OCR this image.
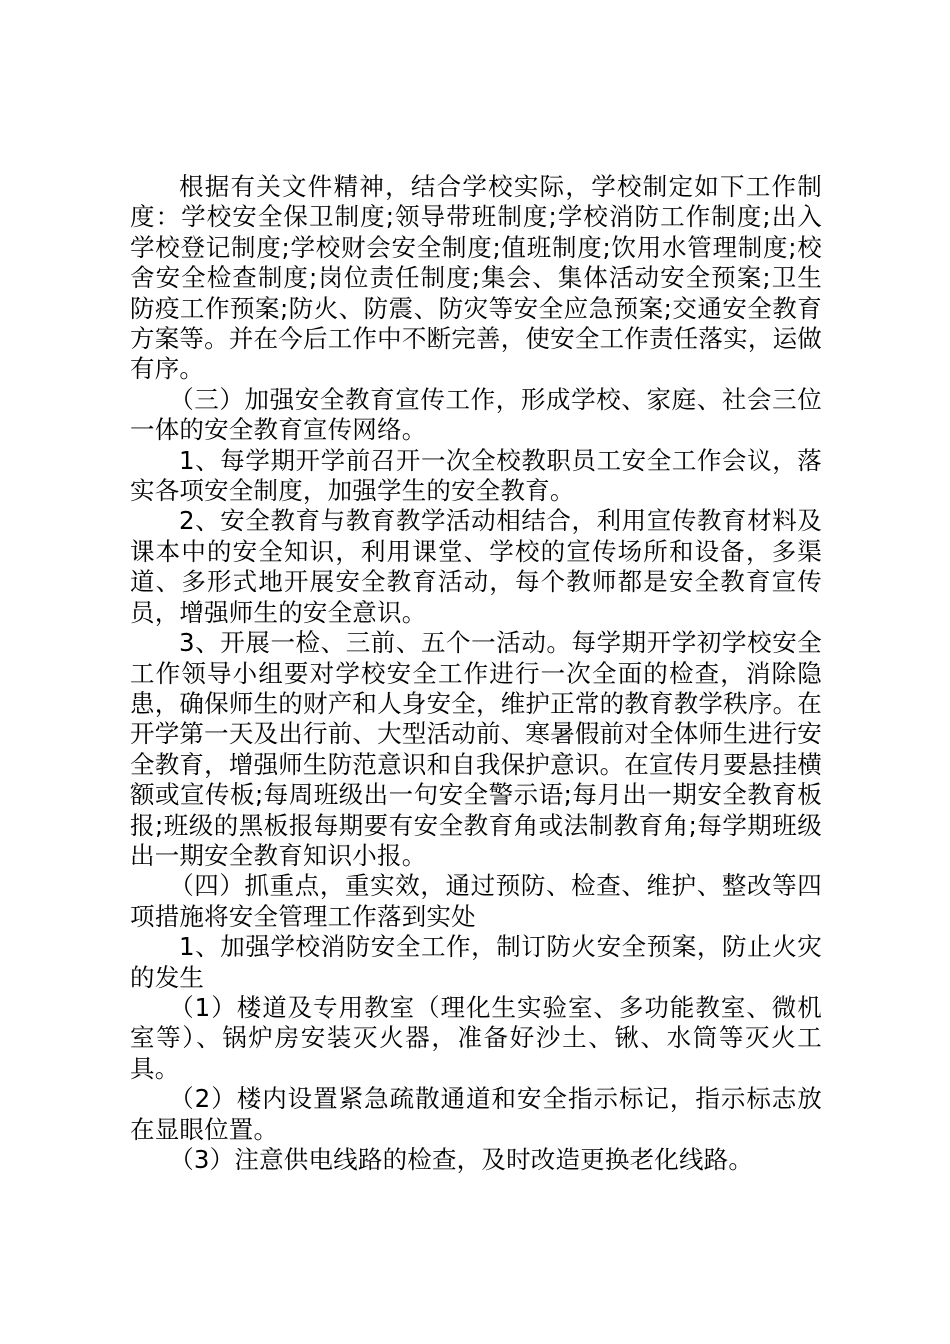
根据有关文件精神，结合学校实际，学校制定如下工作制度：学校安全保卫制度;领导带班制度;学校消防工作制度;出入学校登记制度;学校财会安全制度;值班制度;饮用水管理制度;校舍安全检查制度;岗位责任制度;集会、集体活动安全预案;卫生防疫工作预案;防火、防震、防灾等安全应急预案;交通安全教育方案等。并在今后工作中不断完善，使安全工作责任落实，运做有序。

（三）加强安全教育宣传工作，形成学校、家庭、社会三位一体的安全教育宣传网络。

1、每学期开学前召开一次全校教职员工安全工作会议，落实各项安全制度，加强学生的安全教育。

2、安全教育与教育教学活动相结合，利用宣传教育材料及课本中的安全知识，利用课堂、学校的宣传场所和设备，多渠道、多形式地开展安全教育活动，每个教师都是安全教育宣传员，增强师生的安全意识。

3、开展一检、三前、五个一活动。每学期开学初学校安全工作领导小组要对学校安全工作进行一次全面的检查，消除隐患，确保师生的财产和人身安全，维护正常的教育教学秩序。在开学第一天及出行前、大型活动前、寒暑假前对全体师生进行安全教育，增强师生防范意识和自我保护意识。在宣传月要悬挂横额或宣传板;每周班级出一句安全警示语;每月出一期安全教育板报;班级的黑板报每期要有安全教育角或法制教育角;每学期班级出一期安全教育知识小报。

（四）抓重点，重实效，通过预防、检查、维护、整改等四项措施将安全管理工作落到实处

1、加强学校消防安全工作，制订防火安全预案，防止火灾的发生

（1）楼道及专用教室（理化生实验室、多功能教室、微机室等）、锅炉房安装灭火器，准备好沙土、锹、水筒等灭火工具。

（2）楼内设置紧急疏散通道和安全指示标记，指示标志放在显眼位置。

（3）注意供电线路的检查，及时改造更换老化线路。
